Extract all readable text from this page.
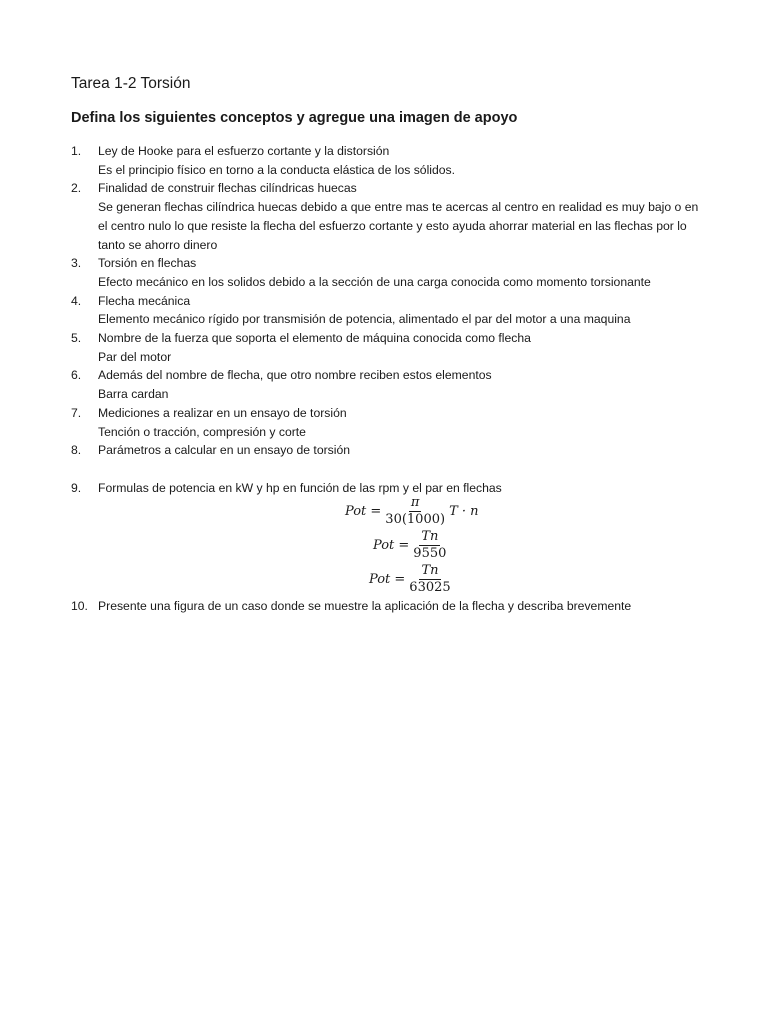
Tarea 1-2 Torsión
Defina los siguientes conceptos y agregue una imagen de apoyo
1. Ley de Hooke para el esfuerzo cortante y la distorsión
Es el principio físico en torno a la conducta elástica de los sólidos.
2. Finalidad de construir flechas cilíndricas huecas
Se generan flechas cilíndrica huecas debido a que entre mas te acercas al centro en realidad es muy bajo o en el centro nulo lo que resiste la flecha del esfuerzo cortante y esto ayuda ahorrar material en las flechas por lo tanto se ahorro dinero
3. Torsión en flechas
Efecto mecánico en los solidos debido a la sección de una carga conocida como momento torsionante
4. Flecha mecánica
Elemento mecánico rígido por transmisión de potencia, alimentado el par del motor a una maquina
5. Nombre de la fuerza que soporta el elemento de máquina conocida como flecha
Par del motor
6. Además del nombre de flecha, que otro nombre reciben estos elementos
Barra cardan
7. Mediciones a realizar en un ensayo de torsión
Tención o tracción, compresión y corte
8. Parámetros a calcular en un ensayo de torsión
9. Formulas de potencia en kW y hp en función de las rpm y el par en flechas
Pot = $\frac{\pi}{30(1000)}$ T · n
Pot = $\frac{Tn}{9550}$
Pot = $\frac{Tn}{63025}$
10. Presente una figura de un caso donde se muestre la aplicación de la flecha y describa brevemente
